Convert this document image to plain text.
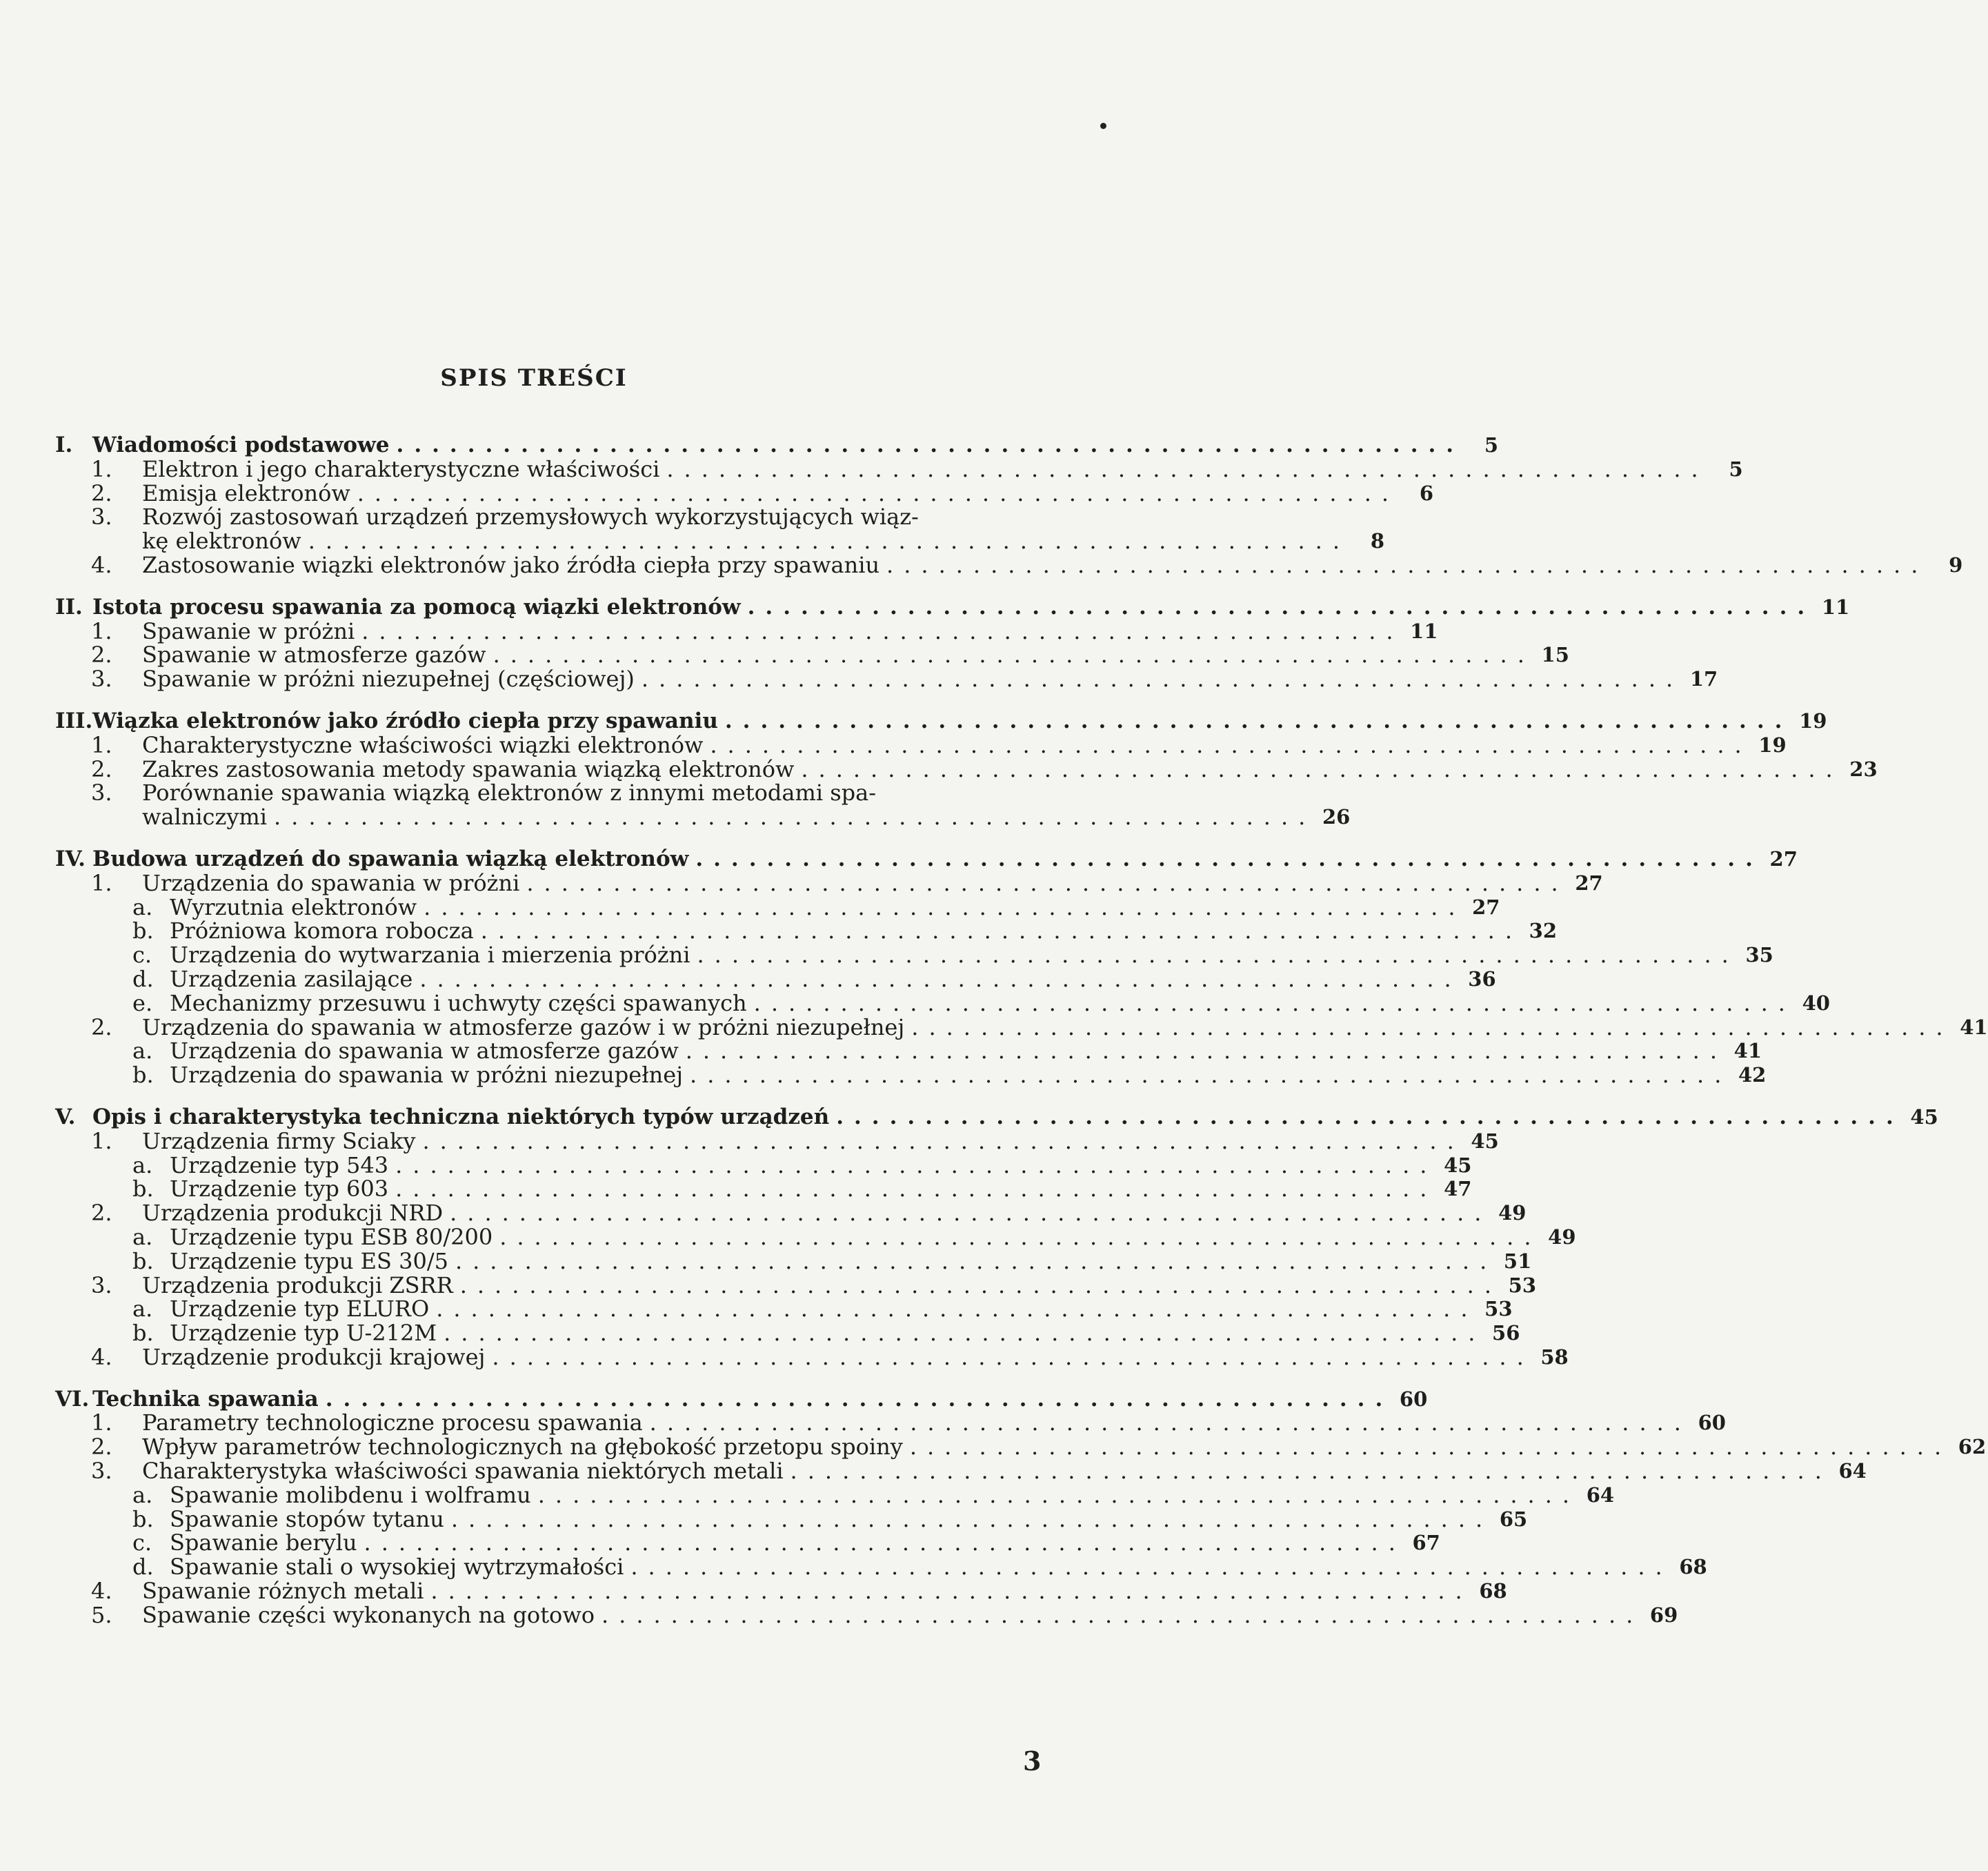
SPIS TREŚCI
I. Wiadomości podstawowe ............................................................	5
1.	Elektron i jego charakterystyczne właściwości ............................................................	5
2.	Emisja elektronów ............................................................	6
3.	Rozwój zastosowań urządzeń przemysłowych wykorzystujących wiąz-
kę elektronów ............................................................	8
4.	Zastosowanie wiązki elektronów jako źródła ciepła przy spawaniu ............................................................	9
II. Istota procesu spawania za pomocą wiązki elektronów ............................................................ 11
1.	Spawanie w próżni ............................................................ 11
2.	Spawanie w atmosferze gazów ............................................................ 15
3.	Spawanie w próżni niezupełnej (częściowej) ............................................................ 17
III. Wiązka elektronów jako źródło ciepła przy spawaniu ............................................................ 19
1.	Charakterystyczne właściwości wiązki elektronów ............................................................ 19
2.	Zakres zastosowania metody spawania wiązką elektronów ............................................................ 23
3.	Porównanie spawania wiązką elektronów z innymi metodami spa-
walniczymi ............................................................ 26
IV. Budowa urządzeń do spawania wiązką elektronów ............................................................ 27
1.	Urządzenia do spawania w próżni ............................................................ 27
a. Wyrzutnia elektronów ............................................................ 27
b. Próżniowa komora robocza ............................................................ 32
c. Urządzenia do wytwarzania i mierzenia próżni ............................................................ 35
d. Urządzenia zasilające ............................................................ 36
e. Mechanizmy przesuwu i uchwyty części spawanych ............................................................ 40
2.	Urządzenia do spawania w atmosferze gazów i w próżni niezupełnej ............................................................ 41
a. Urządzenia do spawania w atmosferze gazów ............................................................ 41
b. Urządzenia do spawania w próżni niezupełnej ............................................................ 42
V. Opis i charakterystyka techniczna niektórych typów urządzeń ............................................................ 45
1.	Urządzenia firmy Sciaky ............................................................ 45
a. Urządzenie typ 543 ............................................................ 45
b. Urządzenie typ 603 ............................................................ 47
2.	Urządzenia produkcji NRD ............................................................ 49
a. Urządzenie typu ESB 80/200 ............................................................ 49
b. Urządzenie typu ES 30/5 ............................................................ 51
3.	Urządzenia produkcji ZSRR ............................................................ 53
a. Urządzenie typ ELURO ............................................................ 53
b. Urządzenie typ U-212M ............................................................ 56
4.	Urządzenie produkcji krajowej ............................................................ 58
VI. Technika spawania ............................................................ 60
1.	Parametry technologiczne procesu spawania ............................................................ 60
2.	Wpływ parametrów technologicznych na głębokość przetopu spoiny ............................................................ 62
3.	Charakterystyka właściwości spawania niektórych metali ............................................................ 64
a. Spawanie molibdenu i wolframu ............................................................ 64
b. Spawanie stopów tytanu ............................................................ 65
c. Spawanie berylu ............................................................ 67
d. Spawanie stali o wysokiej wytrzymałości ............................................................ 68
4.	Spawanie różnych metali ............................................................ 68
5.	Spawanie części wykonanych na gotowo ............................................................ 69
3
